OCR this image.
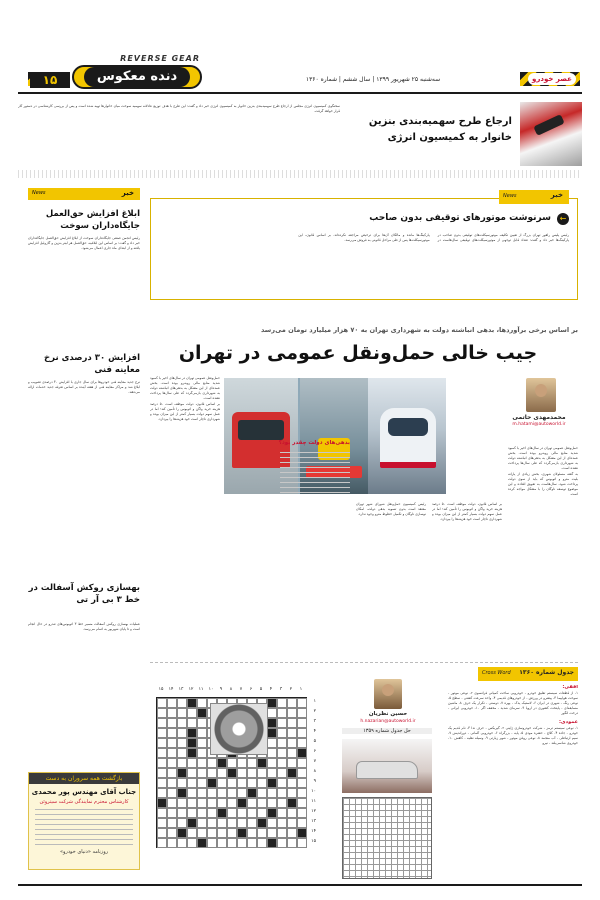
۱۵
REVERSE GEAR
دنده معکوس	سه‌شنبه ۲۵ شهریور ۱۳۹۹ | سال ششم | شماره ۱۳۶۰	عصر خودرو
ارجاع طرح سهمیه‌بندی بنزین
خانوار به کمیسیون انرژی
سخنگوی کمیسیون انرژی مجلس از ارجاع طرح سهمیه‌بندی بنزین خانوار به کمیسیون انرژی خبر داد و گفت: این طرح با هدف توزیع عادلانه سهمیه سوخت میان خانوارها تهیه شده است و پس از بررسی کارشناسی در دستور کار قرار خواهد گرفت.
خبر
News
ابلاغ افزایش حق‌العمل جایگاه‌داران سوخت
رئیس انجمن صنفی جایگاه‌داران سوخت از ابلاغ افزایش حق‌العمل جایگاه‌داران خبر داد و گفت: بر اساس این ابلاغیه، حق‌العمل هر لیتر بنزین و گازوئیل افزایش یافته و از ابتدای ماه جاری اعمال می‌شود.
افزایش ۳۰ درصدی نرخ معاینه فنی
نرخ جدید معاینه فنی خودروها برای سال جاری با افزایش ۳۰ درصدی تصویب و ابلاغ شد و مراکز معاینه فنی از هفته آینده بر اساس تعرفه جدید خدمات ارائه می‌دهند.
بهسازی روکش آسفالت در خط ۳ بی آر تی
عملیات بهسازی روکش آسفالت مسیر خط ۳ اتوبوس‌های تندرو در حال انجام است و تا پایان شهریور به اتمام می‌رسد.
بازگشت همه سروران به دست
جناب آقای مهندس پور محمدی
کارشناس محترم نمایندگی شرکت سیتروئن
روزنامه «دنیای خودرو»
خبر
News
←
سرنوشت موتورهای توقیفی بدون صاحب
رئیس پلیس راهور تهران بزرگ از تعیین تکلیف موتورسیکلت‌های توقیفی بدون صاحب در پارکینگ‌ها خبر داد و گفت: تعداد قابل توجهی از موتورسیکلت‌های توقیفی سال‌هاست در پارکینگ‌ها مانده و مالکان آن‌ها برای ترخیص مراجعه نکرده‌اند. بر اساس قانون، این موتورسیکلت‌ها پس از طی مراحل قانونی به فروش می‌رسد.
بر اساس برخی برآوردها، بدهی انباشته دولت به شهرداری تهران به ۷۰ هزار میلیارد تومان می‌رسد
جیب خالی حمل‌ونقل عمومی در تهران
محمدمهدی حاتمی
m.hatami@autoworld.ir

حمل‌ونقل عمومی تهران در سال‌های اخیر با کمبود شدید منابع مالی روبه‌رو بوده است. بخش عمده‌ای از این مشکل به بدهی‌های انباشته دولت به شهرداری بازمی‌گردد که طی سال‌ها پرداخت نشده است.

به گفته مسئولان شهری، بخش زیادی از یارانه بلیت مترو و اتوبوس که باید از سوی دولت پرداخت شود، سال‌هاست به تعویق افتاده و این موضوع توسعه ناوگان را با مشکل مواجه کرده است.

بر اساس قانون، دولت موظف است ۵۰ درصد هزینه خرید واگن و اتوبوس را تأمین کند؛ اما در عمل سهم دولت بسیار کمتر از این میزان بوده و شهرداری ناچار است خود هزینه‌ها را بپردازد.

رئیس کمیسیون حمل‌ونقل شورای شهر تهران معتقد است بدون تسویه بدهی دولت، امکان نوسازی ناوگان و تکمیل خطوط مترو وجود ندارد.

بدهی‌های دولت چقدر بود؟

حمل‌ونقل عمومی تهران در سال‌های اخیر با کمبود شدید منابع مالی روبه‌رو بوده است. بخش عمده‌ای از این مشکل به بدهی‌های انباشته دولت به شهرداری بازمی‌گردد که طی سال‌ها پرداخت نشده است.

بر اساس قانون، دولت موظف است ۵۰ درصد هزینه خرید واگن و اتوبوس را تأمین کند؛ اما در عمل سهم دولت بسیار کمتر از این میزان بوده و شهرداری ناچار است خود هزینه‌ها را بپردازد.

جدول شماره ۱۳۶۰
Cross Word

افقی:

۱- از قطعات سیستم تعلیق خودرو - خودرویی ساخت کمپانی فرانسوی ۲- نوعی موتور - سوخت هواپیما ۳- پیشرو در ورزش - از خودروهای قدیمی ۴- واحد سرعت کشتی - سطح ۵- نوعی رنگ - شهری در ایران ۶- لاستیک یدک - بهره ۷- دوستی - تکرار یک حرف ۸- ماشین مسابقه‌ای - پایتخت کشوری در اروپا ۹- سرمای شدید - مخفف اگر ۱۰- خودرویی ایرانی - درخت انگور

عمودی:

۱- نوعی سیستم ترمز - شرکت خودروسازی ژاپنی ۲- گیربکس - حرف ندا ۳- نام قدیم یک خودرو - جاده ۴- کلاچ - حشره موذی ۵- پایه - بزرگراه ۶- خودرویی آلمانی - دوراندیش ۷- سیم ارتباطی - آب منجمد ۸- نوعی روغن موتور - شهر زیارتی ۹- وسیله نقلیه - کاهش ۱۰- خودروی شاسی‌بلند - نیرو

حسین نظریان
h.nazarian@autoworld.ir
حل جدول شماره ۱۳۵۹
۱
۲
۳
۴
۵
۶
۷
۸
۹
۱۰
۱۱
۱۲
۱۳
۱۴
۱۵
۱
۲
۳
۴
۵
۶
۷
۸
۹
۱۰
۱۱
۱۲
۱۳
۱۴
۱۵
